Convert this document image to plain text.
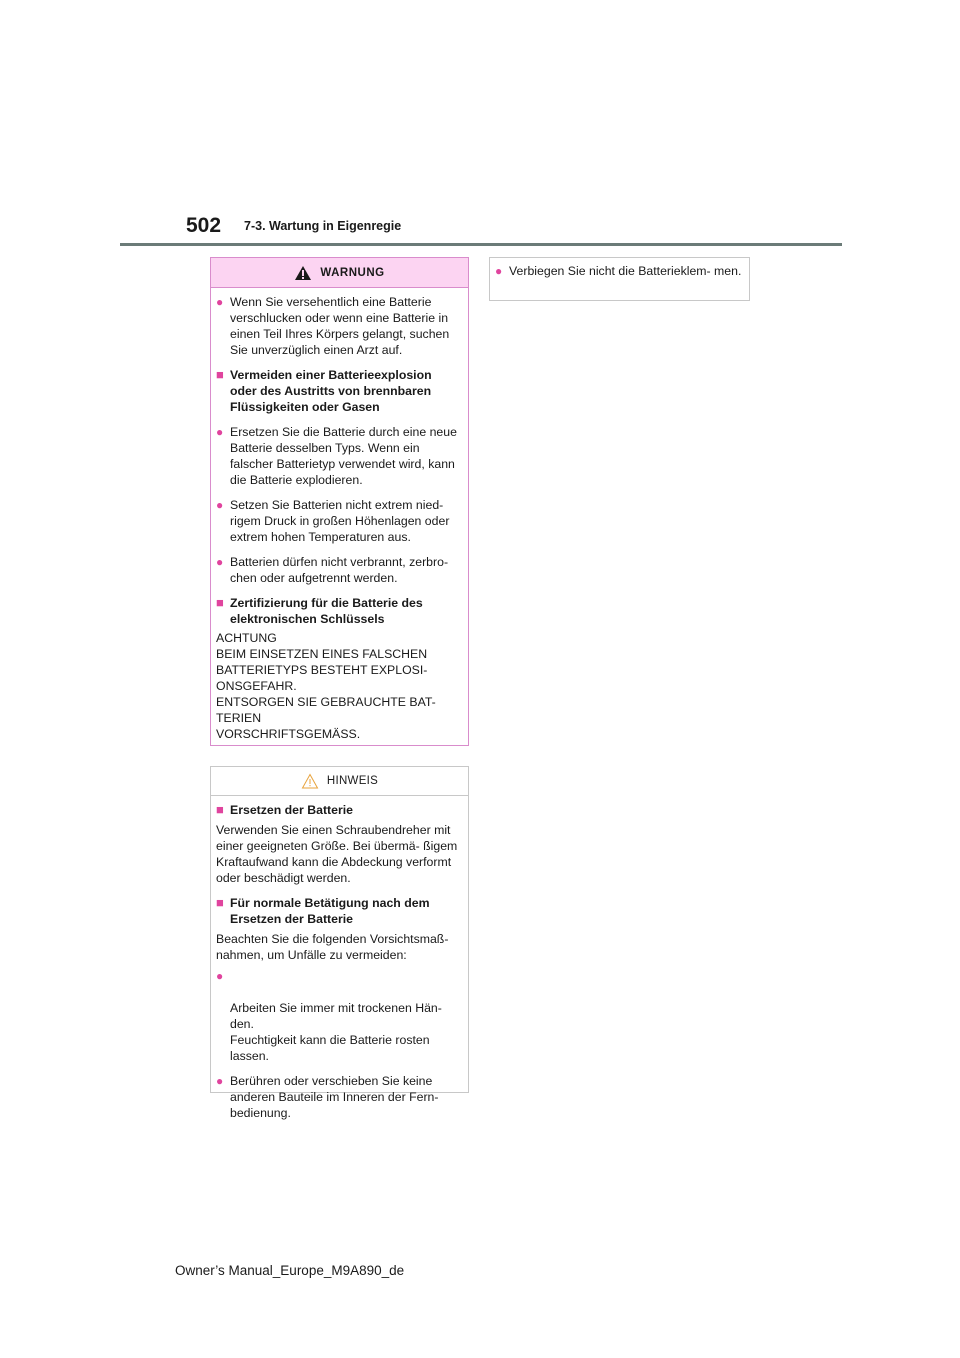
502 7-3. Wartung in Eigenregie
WARNUNG
● Wenn Sie versehentlich eine Batterie verschlucken oder wenn eine Batterie in einen Teil Ihres Körpers gelangt, suchen Sie unverzüglich einen Arzt auf.
■ Vermeiden einer Batterieexplosion oder des Austritts von brennbaren Flüssigkeiten oder Gasen
● Ersetzen Sie die Batterie durch eine neue Batterie desselben Typs. Wenn ein falscher Batterietyp verwendet wird, kann die Batterie explodieren.
● Setzen Sie Batterien nicht extrem nied- rigem Druck in großen Höhenlagen oder extrem hohen Temperaturen aus.
● Batterien dürfen nicht verbrannt, zerbro- chen oder aufgetrennt werden.
■ Zertifizierung für die Batterie des elektronischen Schlüssels
ACHTUNG
BEIM EINSETZEN EINES FALSCHEN BATTERIETYPS BESTEHT EXPLOSI- ONSGEFAHR.
ENTSORGEN SIE GEBRAUCHTE BAT- TERIEN
VORSCHRIFTSGEMÄSS.
HINWEIS
■ Ersetzen der Batterie
Verwenden Sie einen Schraubendreher mit einer geeigneten Größe. Bei übermä- ßigem Kraftaufwand kann die Abdeckung verformt oder beschädigt werden.
■ Für normale Betätigung nach dem Ersetzen der Batterie
Beachten Sie die folgenden Vorsichtsmaß- nahmen, um Unfälle zu vermeiden:

●

Arbeiten Sie immer mit trockenen Hän- den.
Feuchtigkeit kann die Batterie rosten lassen.

● Berühren oder verschieben Sie keine anderen Bauteile im Inneren der Fern- bedienung.
● Verbiegen Sie nicht die Batterieklem- men.
Owner’s Manual_Europe_M9A890_de
